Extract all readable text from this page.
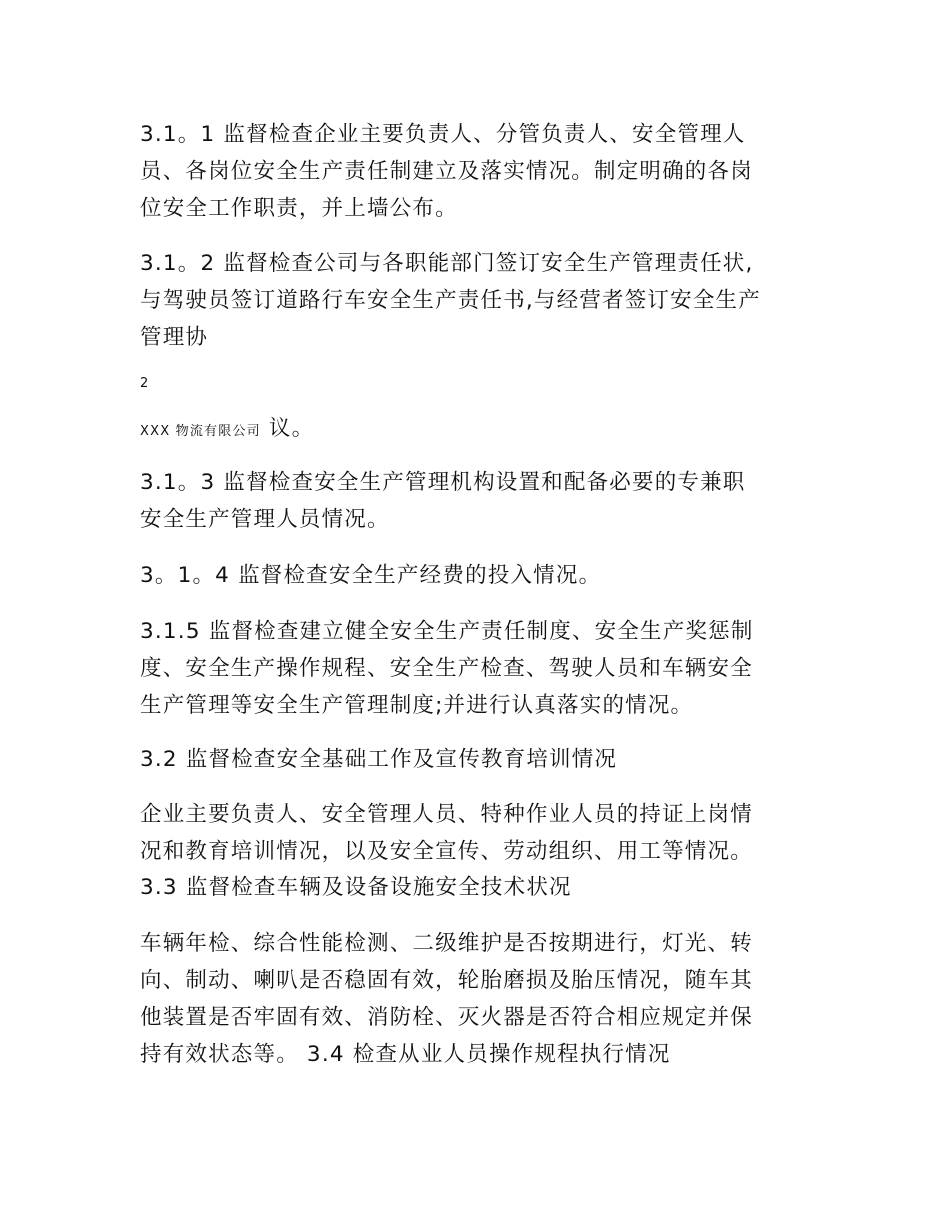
3.1。1 监督检查企业主要负责人、分管负责人、安全管理人
员、各岗位安全生产责任制建立及落实情况。制定明确的各岗
位安全工作职责，并上墙公布。
3.1。2 监督检查公司与各职能部门签订安全生产管理责任状,
与驾驶员签订道路行车安全生产责任书,与经营者签订安全生产
管理协
2
XXX 物流有限公司 议。
3.1。3 监督检查安全生产管理机构设置和配备必要的专兼职
安全生产管理人员情况。
3。1。4 监督检查安全生产经费的投入情况。
3.1.5 监督检查建立健全安全生产责任制度、安全生产奖惩制
度、安全生产操作规程、安全生产检查、驾驶人员和车辆安全
生产管理等安全生产管理制度;并进行认真落实的情况。
3.2 监督检查安全基础工作及宣传教育培训情况
企业主要负责人、安全管理人员、特种作业人员的持证上岗情
况和教育培训情况，以及安全宣传、劳动组织、用工等情况。
3.3 监督检查车辆及设备设施安全技术状况
车辆年检、综合性能检测、二级维护是否按期进行，灯光、转
向、制动、喇叭是否稳固有效，轮胎磨损及胎压情况，随车其
他装置是否牢固有效、消防栓、灭火器是否符合相应规定并保
持有效状态等。 3.4 检查从业人员操作规程执行情况
